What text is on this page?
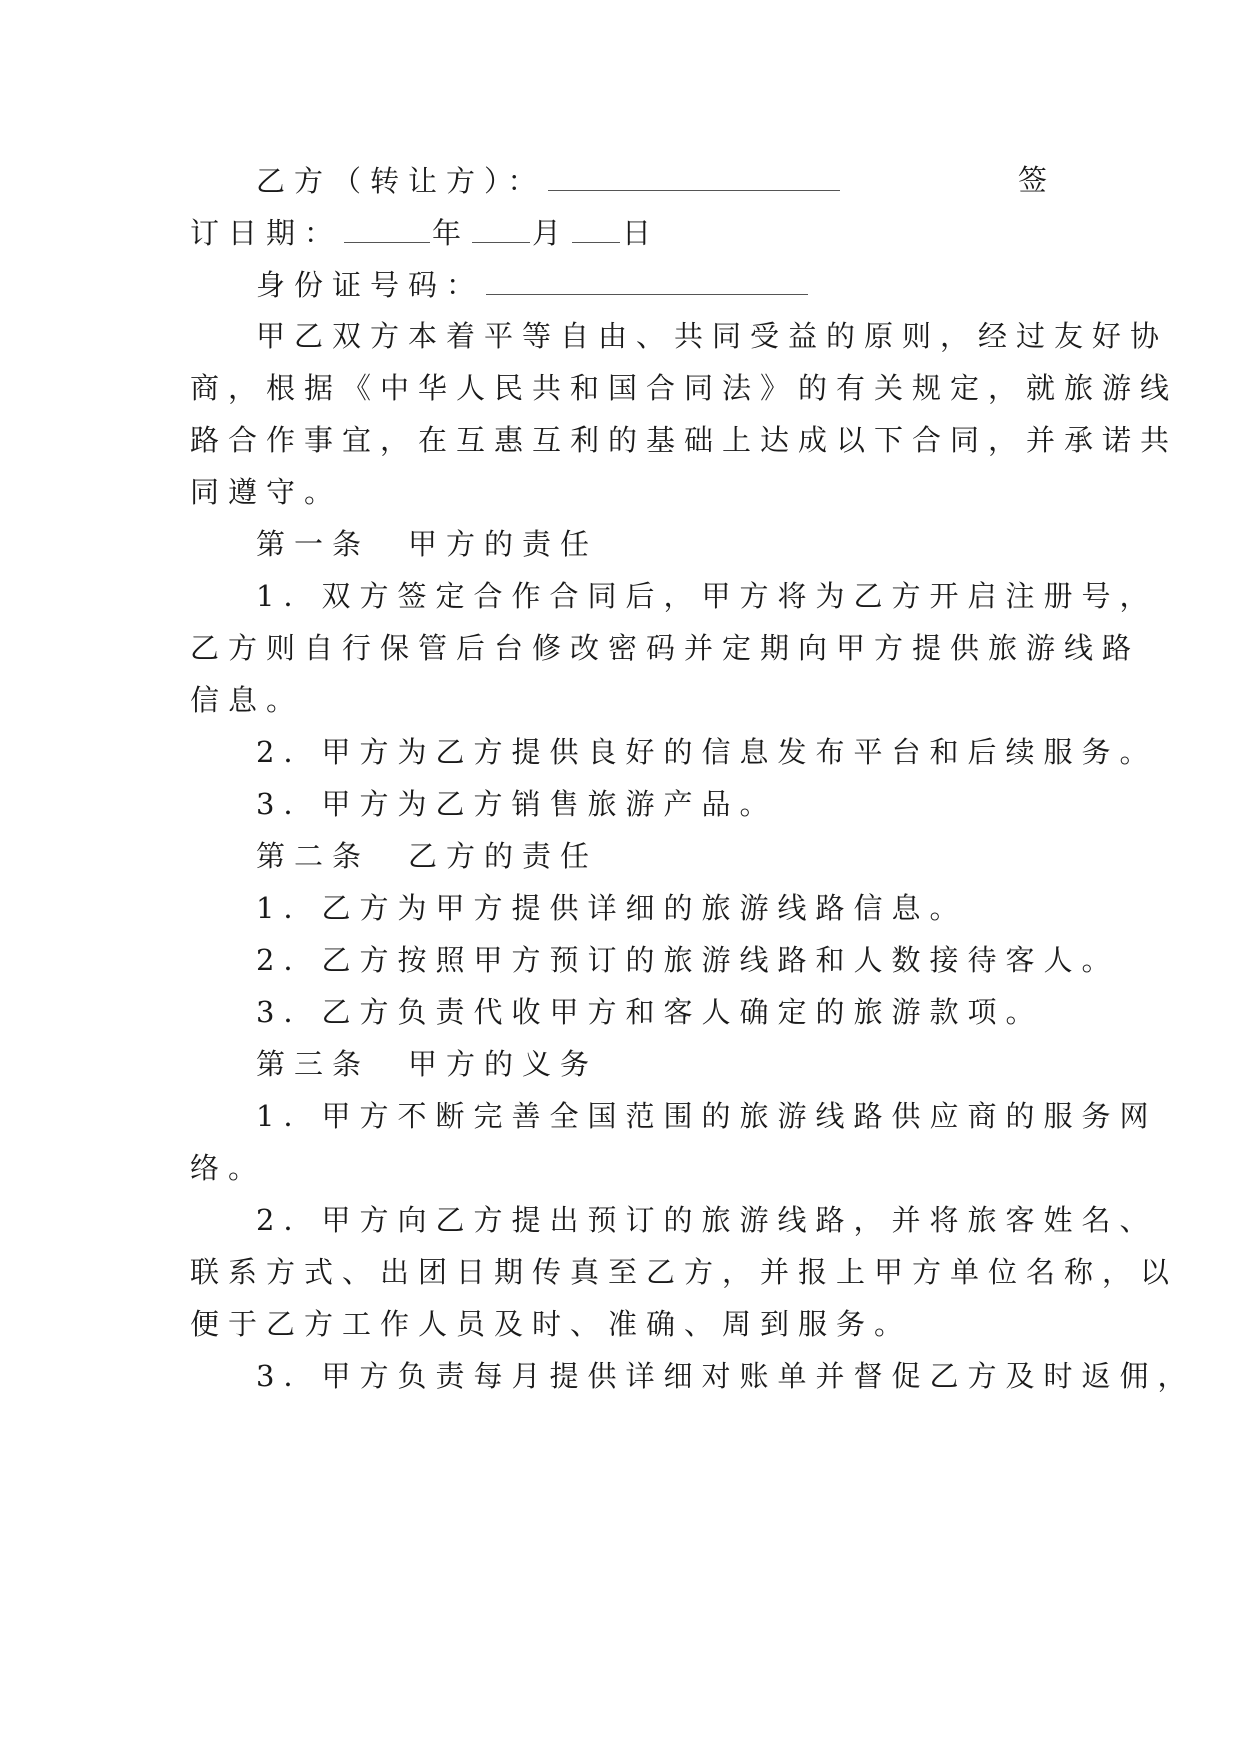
乙方（转让方）：	签
订日期：	年 月 日
身份证号码：
甲乙双方本着平等自由、共同受益的原则，经过友好协
商，根据《中华人民共和国合同法》的有关规定，就旅游线
路合作事宜，在互惠互利的基础上达成以下合同，并承诺共
同遵守。
第一条　甲方的责任
1．双方签定合作合同后，甲方将为乙方开启注册号，
乙方则自行保管后台修改密码并定期向甲方提供旅游线路
信息。
2．甲方为乙方提供良好的信息发布平台和后续服务。
3．甲方为乙方销售旅游产品。
第二条　乙方的责任
1．乙方为甲方提供详细的旅游线路信息。
2．乙方按照甲方预订的旅游线路和人数接待客人。
3．乙方负责代收甲方和客人确定的旅游款项。
第三条　甲方的义务
1．甲方不断完善全国范围的旅游线路供应商的服务网
络。
2．甲方向乙方提出预订的旅游线路，并将旅客姓名、
联系方式、出团日期传真至乙方，并报上甲方单位名称，以
便于乙方工作人员及时、准确、周到服务。
3．甲方负责每月提供详细对账单并督促乙方及时返佣，
